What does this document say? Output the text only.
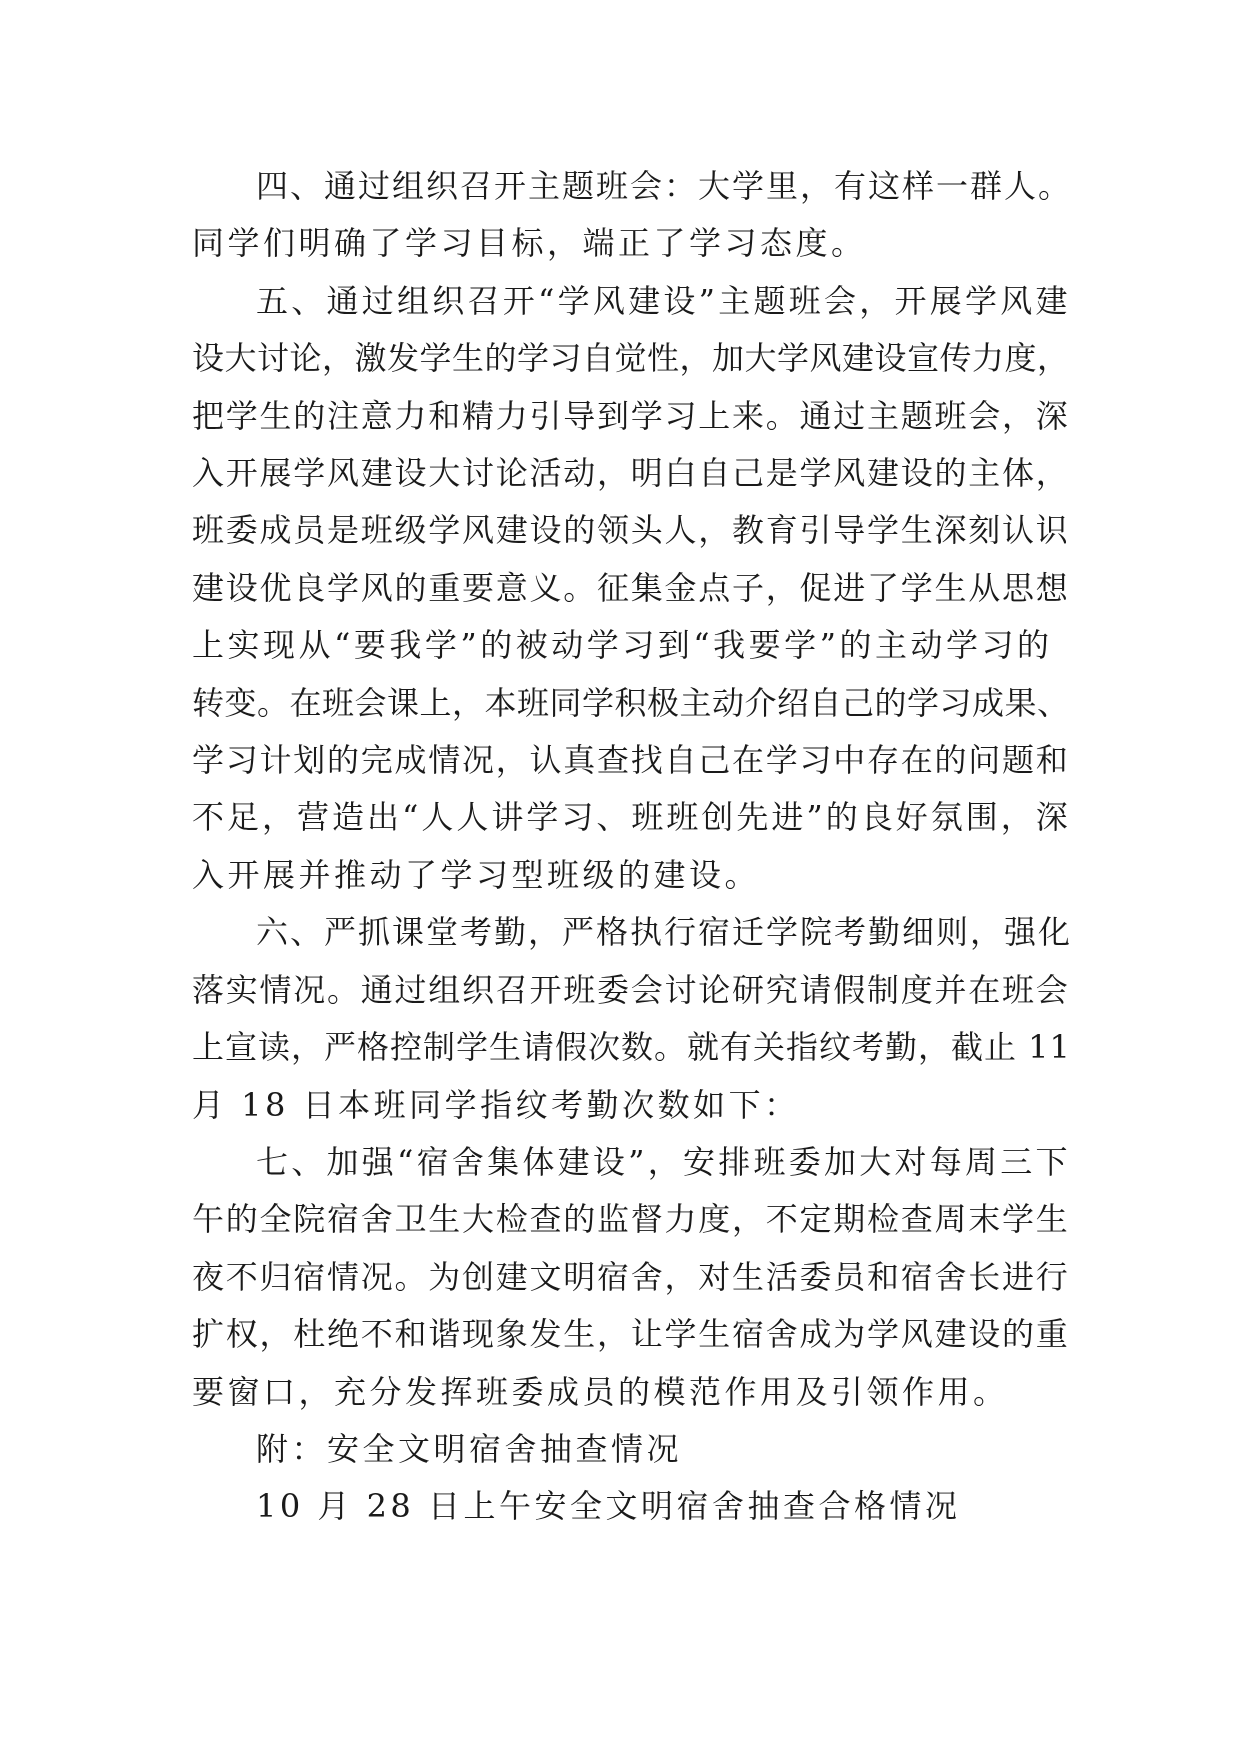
四、通过组织召开主题班会：大学里，有这样一群人。
同学们明确了学习目标，端正了学习态度。
五、通过组织召开“学风建设”主题班会，开展学风建
设大讨论，激发学生的学习自觉性，加大学风建设宣传力度，
把学生的注意力和精力引导到学习上来。通过主题班会，深
入开展学风建设大讨论活动，明白自己是学风建设的主体，
班委成员是班级学风建设的领头人，教育引导学生深刻认识
建设优良学风的重要意义。征集金点子，促进了学生从思想
上实现从“要我学”的被动学习到“我要学”的主动学习的
转变。在班会课上，本班同学积极主动介绍自己的学习成果、
学习计划的完成情况，认真查找自己在学习中存在的问题和
不足，营造出“人人讲学习、班班创先进”的良好氛围，深
入开展并推动了学习型班级的建设。
六、严抓课堂考勤，严格执行宿迁学院考勤细则，强化
落实情况。通过组织召开班委会讨论研究请假制度并在班会
上宣读，严格控制学生请假次数。就有关指纹考勤，截止 11
月 18 日本班同学指纹考勤次数如下：
七、加强“宿舍集体建设”，安排班委加大对每周三下
午的全院宿舍卫生大检查的监督力度，不定期检查周末学生
夜不归宿情况。为创建文明宿舍，对生活委员和宿舍长进行
扩权，杜绝不和谐现象发生，让学生宿舍成为学风建设的重
要窗口，充分发挥班委成员的模范作用及引领作用。
附：安全文明宿舍抽查情况
10 月 28 日上午安全文明宿舍抽查合格情况
